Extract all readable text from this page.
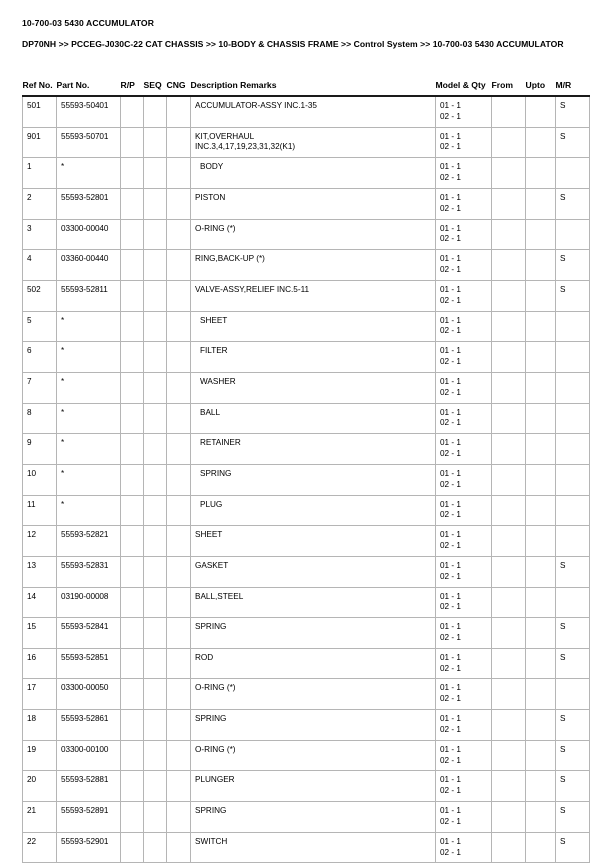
10-700-03 5430 ACCUMULATOR
DP70NH >> PCCEG-J030C-22 CAT CHASSIS >> 10-BODY & CHASSIS FRAME >> Control System >> 10-700-03 5430 ACCUMULATOR
Ref No.	Part No.	R/P	SEQ	CNG	Description Remarks	Model & Qty	From	Upto	M/R
501	55593-50401				ACCUMULATOR-ASSY INC.1-35	01 - 1
02 - 1			S
901	55593-50701				KIT,OVERHAUL
INC.3,4,17,19,23,31,32(K1)	01 - 1
02 - 1			S
1	*				BODY	01 - 1
02 - 1			

2	55593-52801				PISTON	01 - 1
02 - 1			S
3	03300-00040				O-RING (*)	01 - 1
02 - 1			

4	03360-00440				RING,BACK-UP (*)	01 - 1
02 - 1			S
502	55593-52811				VALVE-ASSY,RELIEF INC.5-11	01 - 1
02 - 1			S
5	*				SHEET	01 - 1
02 - 1			

6	*				FILTER	01 - 1
02 - 1			

7	*				WASHER	01 - 1
02 - 1			

8	*				BALL	01 - 1
02 - 1			

9	*				RETAINER	01 - 1
02 - 1			

10	*				SPRING	01 - 1
02 - 1			

11	*				PLUG	01 - 1
02 - 1			

12	55593-52821				SHEET	01 - 1
02 - 1			

13	55593-52831				GASKET	01 - 1
02 - 1			S
14	03190-00008				BALL,STEEL	01 - 1
02 - 1			

15	55593-52841				SPRING	01 - 1
02 - 1			S
16	55593-52851				ROD	01 - 1
02 - 1			S
17	03300-00050				O-RING (*)	01 - 1
02 - 1			

18	55593-52861				SPRING	01 - 1
02 - 1			S
19	03300-00100				O-RING (*)	01 - 1
02 - 1			S
20	55593-52881				PLUNGER	01 - 1
02 - 1			S
21	55593-52891				SPRING	01 - 1
02 - 1			S
22	55593-52901				SWITCH	01 - 1
02 - 1			S
